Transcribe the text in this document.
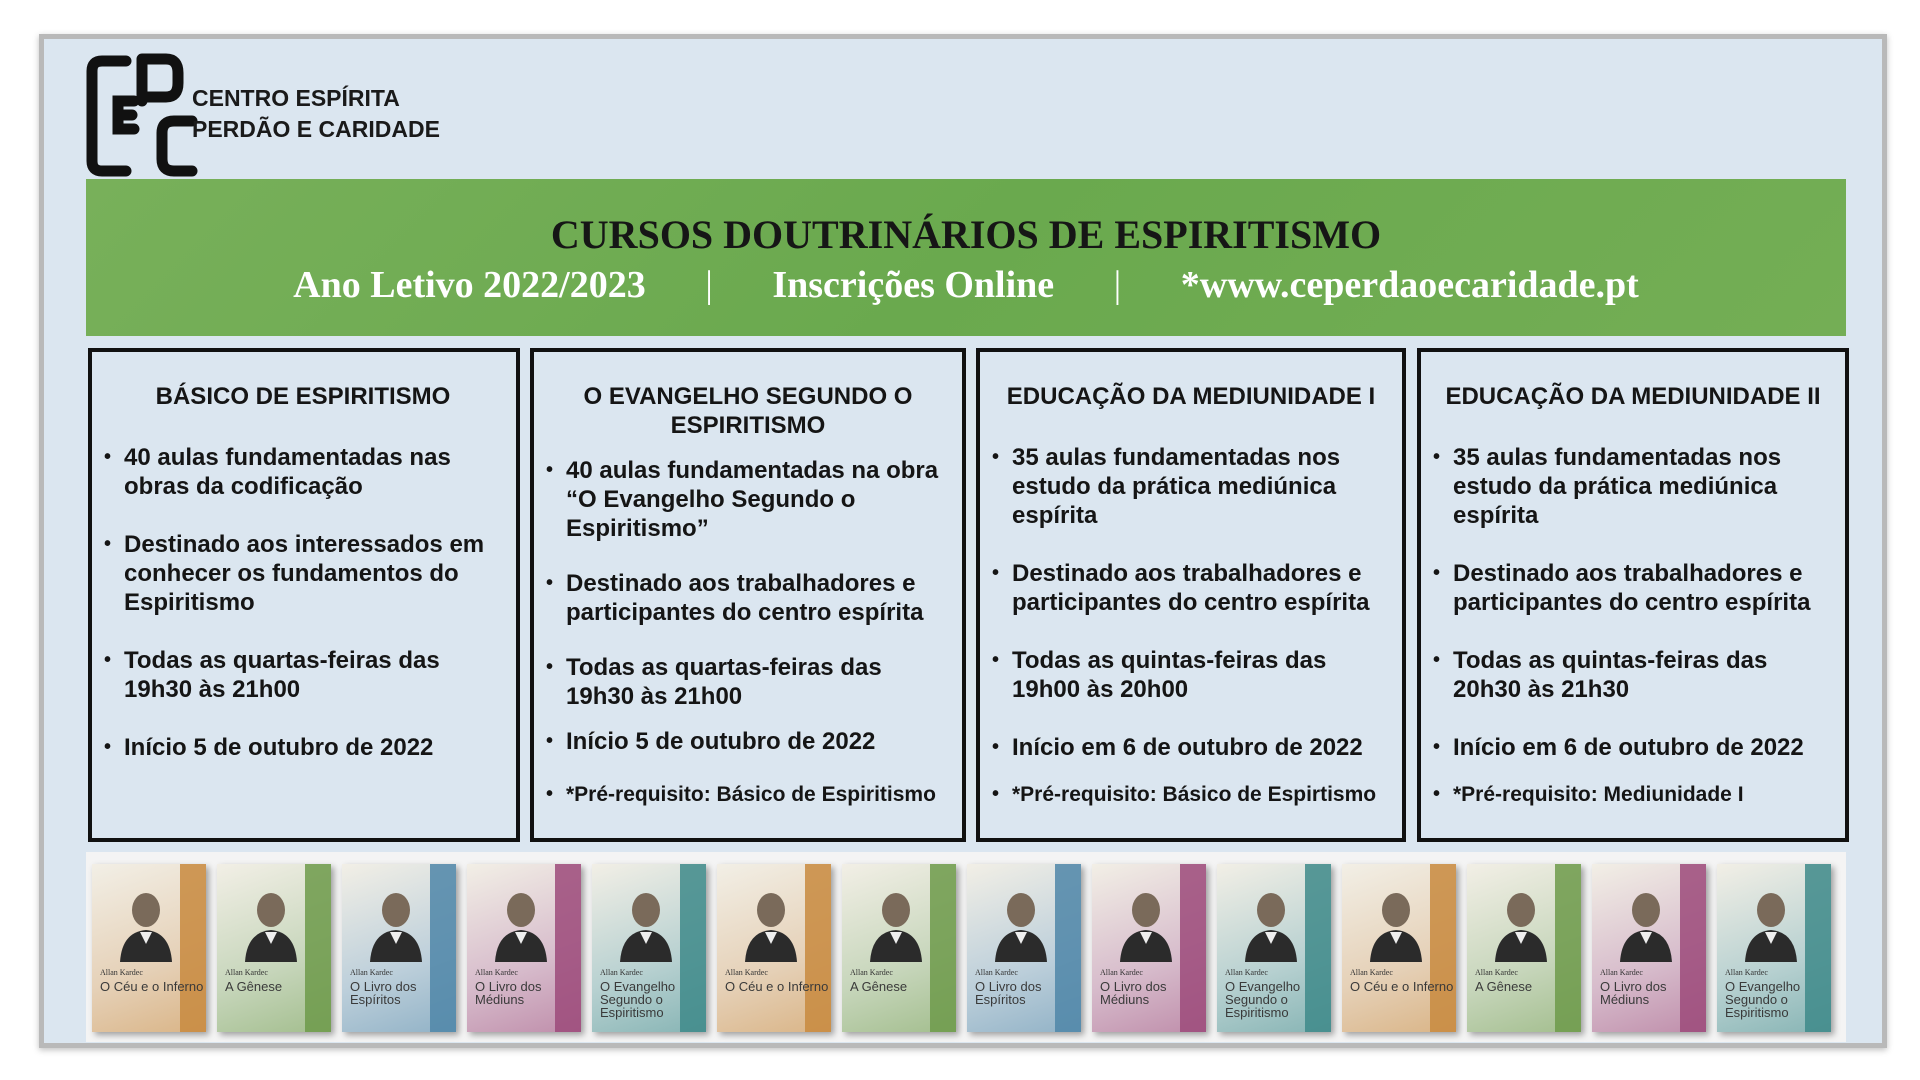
CENTRO ESPÍRITA
PERDÃO E CARIDADE
CURSOS DOUTRINÁRIOS DE ESPIRITISMO
Ano Letivo 2022/2023 | Inscrições Online | *www.ceperdaoecaridade.pt
BÁSICO DE ESPIRITISMO
• 40 aulas fundamentadas nas obras da codificação
• Destinado aos interessados em conhecer os fundamentos do Espiritismo
• Todas as quartas-feiras das 19h30 às 21h00
• Início 5 de outubro de 2022
O EVANGELHO SEGUNDO O ESPIRITISMO
• 40 aulas fundamentadas na obra “O Evangelho Segundo o Espiritismo”
• Destinado aos trabalhadores e participantes do centro espírita
• Todas as quartas-feiras das 19h30 às 21h00
• Início 5 de outubro de 2022
• *Pré-requisito: Básico de Espiritismo
EDUCAÇÃO DA MEDIUNIDADE I
• 35 aulas fundamentadas nos estudo da prática mediúnica espírita
• Destinado aos trabalhadores e participantes do centro espírita
• Todas as quintas-feiras das 19h00 às 20h00
• Início em 6 de outubro de 2022
• *Pré-requisito: Básico de Espirtismo
EDUCAÇÃO DA MEDIUNIDADE II
• 35 aulas fundamentadas nos estudo da prática mediúnica espírita
• Destinado aos trabalhadores e participantes do centro espírita
• Todas as quintas-feiras das 20h30 às 21h30
• Início em 6 de outubro de 2022
• *Pré-requisito: Mediunidade I
Allan Kardec
O Céu e o Inferno
Allan Kardec
A Gênese
Allan Kardec
O Livro dos Espíritos
Allan Kardec
O Livro dos Médiuns
Allan Kardec
O Evangelho Segundo o Espiritismo
Allan Kardec
O Céu e o Inferno
Allan Kardec
A Gênese
Allan Kardec
O Livro dos Espíritos
Allan Kardec
O Livro dos Médiuns
Allan Kardec
O Evangelho Segundo o Espiritismo
Allan Kardec
O Céu e o Inferno
Allan Kardec
A Gênese
Allan Kardec
O Livro dos Médiuns
Allan Kardec
O Evangelho Segundo o Espiritismo
